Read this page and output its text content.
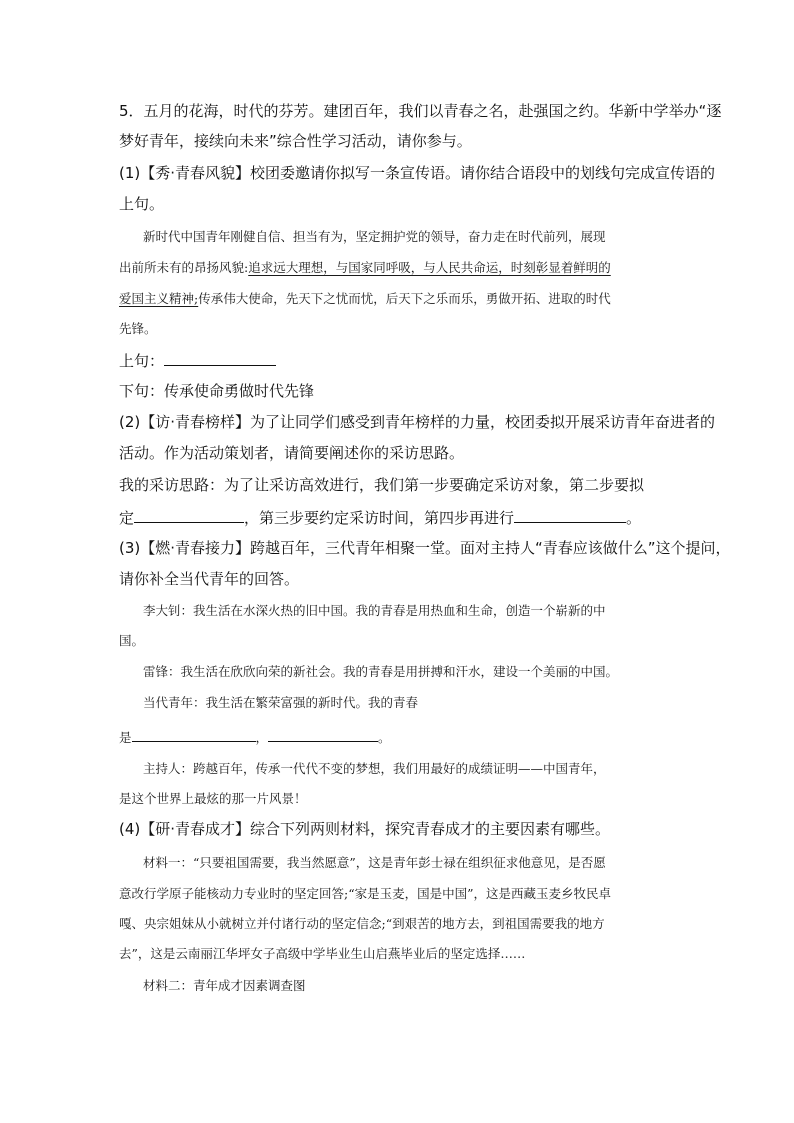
5．五月的花海，时代的芬芳。建团百年，我们以青春之名，赴强国之约。华新中学举办“逐
梦好青年，接续向未来”综合性学习活动，请你参与。
(1)【秀·青春风貌】校团委邀请你拟写一条宣传语。请你结合语段中的划线句完成宣传语的
上句。
新时代中国青年刚健自信、担当有为，坚定拥护党的领导，奋力走在时代前列，展现
出前所未有的昂扬风貌:追求远大理想，与国家同呼吸，与人民共命运，时刻彰显着鲜明的
爱国主义精神;传承伟大使命，先天下之忧而忧，后天下之乐而乐，勇做开拓、进取的时代
先锋。
上句：
下句：传承使命勇做时代先锋
(2)【访·青春榜样】为了让同学们感受到青年榜样的力量，校团委拟开展采访青年奋进者的
活动。作为活动策划者，请简要阐述你的采访思路。
我的采访思路：为了让采访高效进行，我们第一步要确定采访对象，第二步要拟
定	，第三步要约定采访时间，第四步再进行	。
(3)【燃·青春接力】跨越百年，三代青年相聚一堂。面对主持人“青春应该做什么”这个提问，
请你补全当代青年的回答。
李大钊：我生活在水深火热的旧中国。我的青春是用热血和生命，创造一个崭新的中
国。
雷锋：我生活在欣欣向荣的新社会。我的青春是用拼搏和汗水，建设一个美丽的中国。
当代青年：我生活在繁荣富强的新时代。我的青春
是	，	。
主持人：跨越百年，传承一代代不变的梦想，我们用最好的成绩证明——中国青年，
是这个世界上最炫的那一片风景！
(4)【研·青春成才】综合下列两则材料，探究青春成才的主要因素有哪些。
材料一：“只要祖国需要，我当然愿意”，这是青年彭士禄在组织征求他意见，是否愿
意改行学原子能核动力专业时的坚定回答;“家是玉麦，国是中国”，这是西藏玉麦乡牧民卓
嘎、央宗姐妹从小就树立并付诸行动的坚定信念;“到艰苦的地方去，到祖国需要我的地方
去”，这是云南丽江华坪女子高级中学毕业生山启燕毕业后的坚定选择……
材料二：青年成才因素调查图
